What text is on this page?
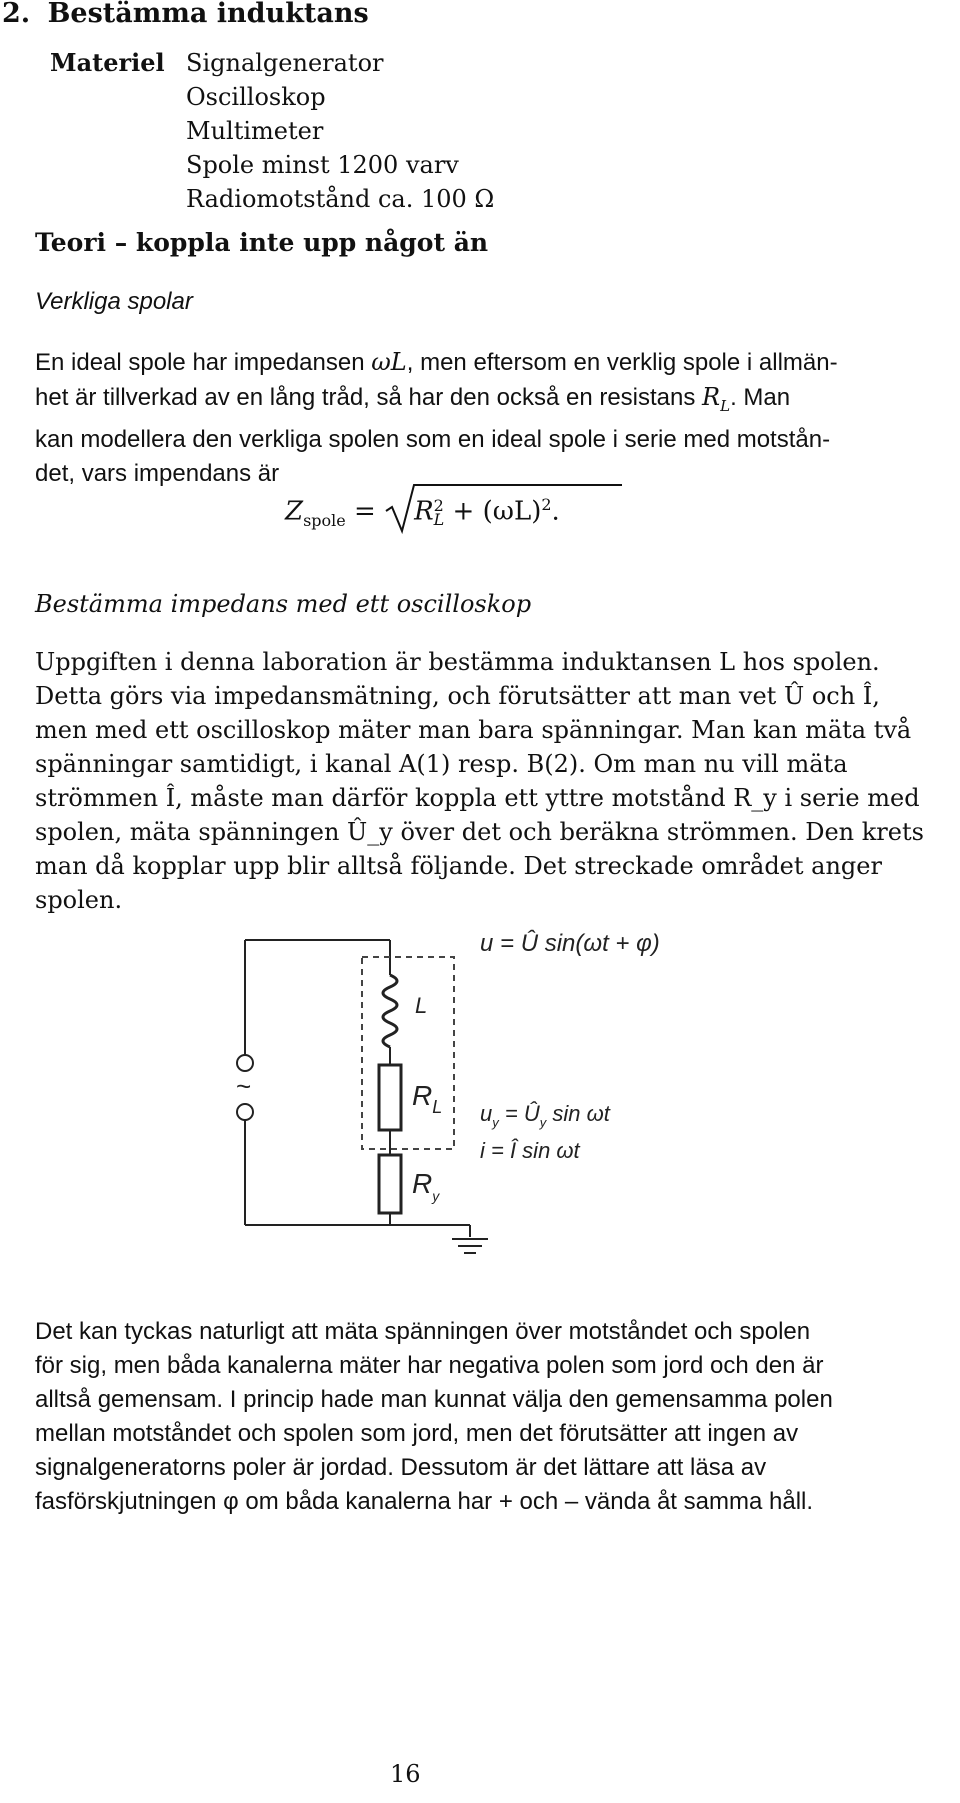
2. Bestämma induktans
Materiel Signalgenerator
Oscilloskop
Multimeter
Spole minst 1200 varv
Radiomotstånd ca. 100 Ω
Teori – koppla inte upp något än
Verkliga spolar
En ideal spole har impedansen ωL, men eftersom en verklig spole i allmän-
het är tillverkad av en lång tråd, så har den också en resistans $R_L$. Man
kan modellera den verkliga spolen som en ideal spole i serie med motstån-
det, vars impendans är
$Z_{spole}$ =
R 2
$L + (\omega L)^2$.
Bestämma impedans med ett oscilloskop
Uppgiften i denna laboration är bestämma induktansen L hos spolen.
Detta görs via impedansmätning, och förutsätter att man vet Û och Î,
men med ett oscilloskop mäter man bara spänningar. Man kan mäta två
spänningar samtidigt, i kanal A(1) resp. B(2). Om man nu vill mäta
strömmen Î, måste man därför koppla ett yttre motstånd R_y i serie med
spolen, mäta spänningen Û_y över det och beräkna strömmen. Den krets
man då kopplar upp blir alltså följande. Det streckade området anger
spolen.
~
L
$R_L$
$R_y$
u = Û sin(ωt + φ)
$u_y$ = $Û_y$ sin ωt
i = Î sin ωt
Det kan tyckas naturligt att mäta spänningen över motståndet och spolen
för sig, men båda kanalerna mäter har negativa polen som jord och den är
alltså gemensam. I princip hade man kunnat välja den gemensamma polen
mellan motståndet och spolen som jord, men det förutsätter att ingen av
signalgeneratorns poler är jordad. Dessutom är det lättare att läsa av
fasförskjutningen φ om båda kanalerna har + och – vända åt samma håll.
16
